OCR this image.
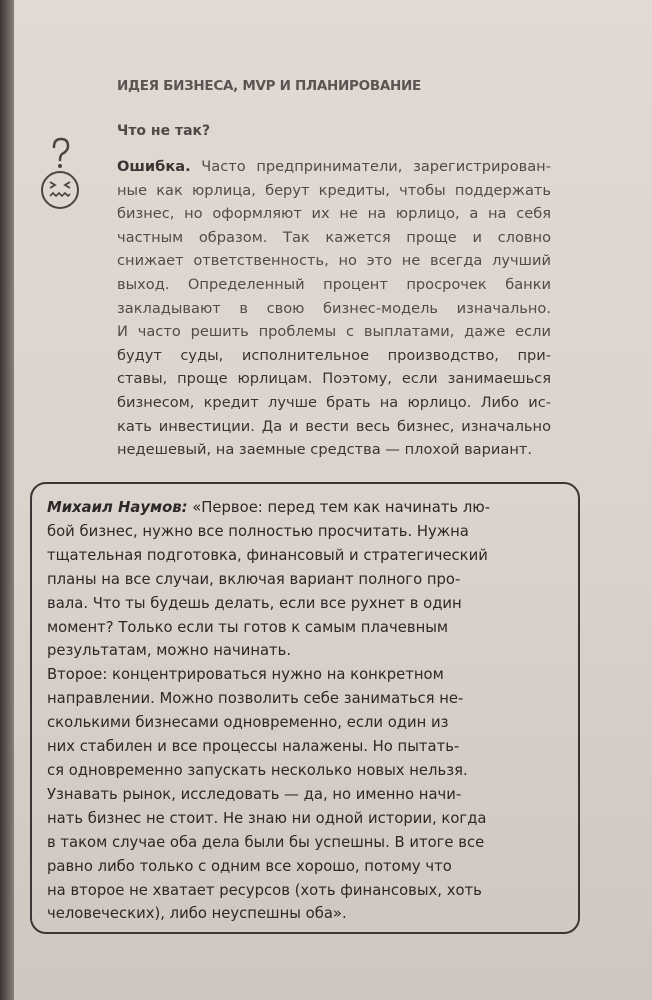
ИДЕЯ БИЗНЕСА, MVP И ПЛАНИРОВАНИЕ
Что не так?
Ошибка. Часто предприниматели, зарегистрирован-
ные как юрлица, берут кредиты, чтобы поддержать
бизнес, но оформляют их не на юрлицо, а на себя
частным образом. Так кажется проще и словно
снижает ответственность, но это не всегда лучший
выход. Определенный процент просрочек банки
закладывают в свою бизнес-модель изначально.
И часто решить проблемы с выплатами, даже если
будут суды, исполнительное производство, при-
ставы, проще юрлицам. Поэтому, если занимаешься
бизнесом, кредит лучше брать на юрлицо. Либо ис-
кать инвестиции. Да и вести весь бизнес, изначально
недешевый, на заемные средства — плохой вариант.
Михаил Наумов: «Первое: перед тем как начинать лю-
бой бизнес, нужно все полностью просчитать. Нужна
тщательная подготовка, финансовый и стратегический
планы на все случаи, включая вариант полного про-
вала. Что ты будешь делать, если все рухнет в один
момент? Только если ты готов к самым плачевным
результатам, можно начинать.
Второе: концентрироваться нужно на конкретном
направлении. Можно позволить себе заниматься не-
сколькими бизнесами одновременно, если один из
них стабилен и все процессы налажены. Но пытать-
ся одновременно запускать несколько новых нельзя.
Узнавать рынок, исследовать — да, но именно начи-
нать бизнес не стоит. Не знаю ни одной истории, когда
в таком случае оба дела были бы успешны. В итоге все
равно либо только с одним все хорошо, потому что
на второе не хватает ресурсов (хоть финансовых, хоть
человеческих), либо неуспешны оба».
